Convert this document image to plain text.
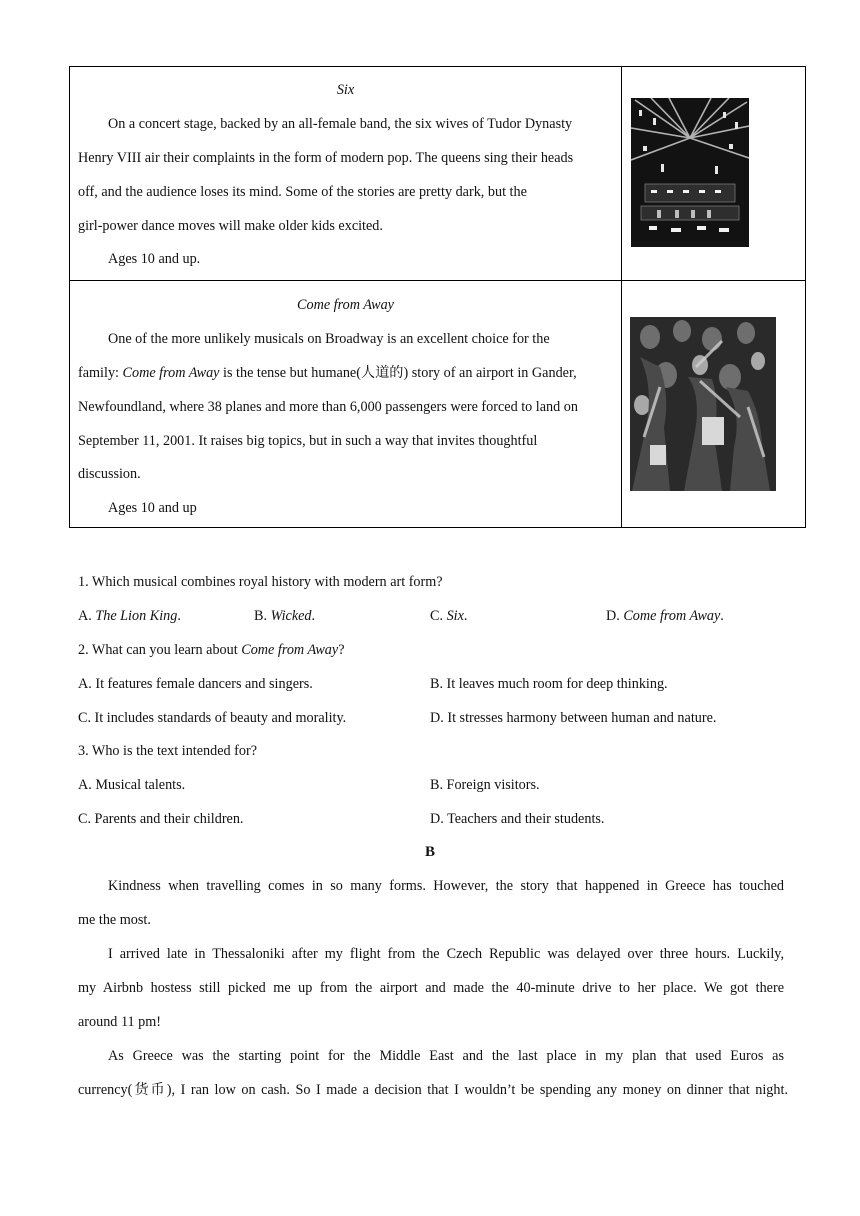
Six
On a concert stage, backed by an all-female band, the six wives of Tudor Dynasty
Henry VIII air their complaints in the form of modern pop. The queens sing their heads
off, and the audience loses its mind. Some of the stories are pretty dark, but the
girl-power dance moves will make older kids excited.
Ages 10 and up.
Come from Away
One of the more unlikely musicals on Broadway is an excellent choice for the
family: Come from Away is the tense but humane(人道的) story of an airport in Gander,
Newfoundland, where 38 planes and more than 6,000 passengers were forced to land on
September 11, 2001. It raises big topics, but in such a way that invites thoughtful
discussion.
Ages 10 and up
1. Which musical combines royal history with modern art form?
A. The Lion King.	B. Wicked.	C. Six.	D. Come from Away.
2. What can you learn about Come from Away?
A. It features female dancers and singers.	B. It leaves much room for deep thinking.
C. It includes standards of beauty and morality.	D. It stresses harmony between human and nature.
3. Who is the text intended for?
A. Musical talents.	B. Foreign visitors.
C. Parents and their children.	D. Teachers and their students.
B
Kindness when travelling comes in so many forms. However, the story that happened in Greece has touched
me the most.
I arrived late in Thessaloniki after my flight from the Czech Republic was delayed over three hours. Luckily,
my Airbnb hostess still picked me up from the airport and made the 40-minute drive to her place. We got there
around 11 pm!
As Greece was the starting point for the Middle East and the last place in my plan that used Euros as
currency(货币), I ran low on cash. So I made a decision that I wouldn’t be spending any money on dinner that night.
